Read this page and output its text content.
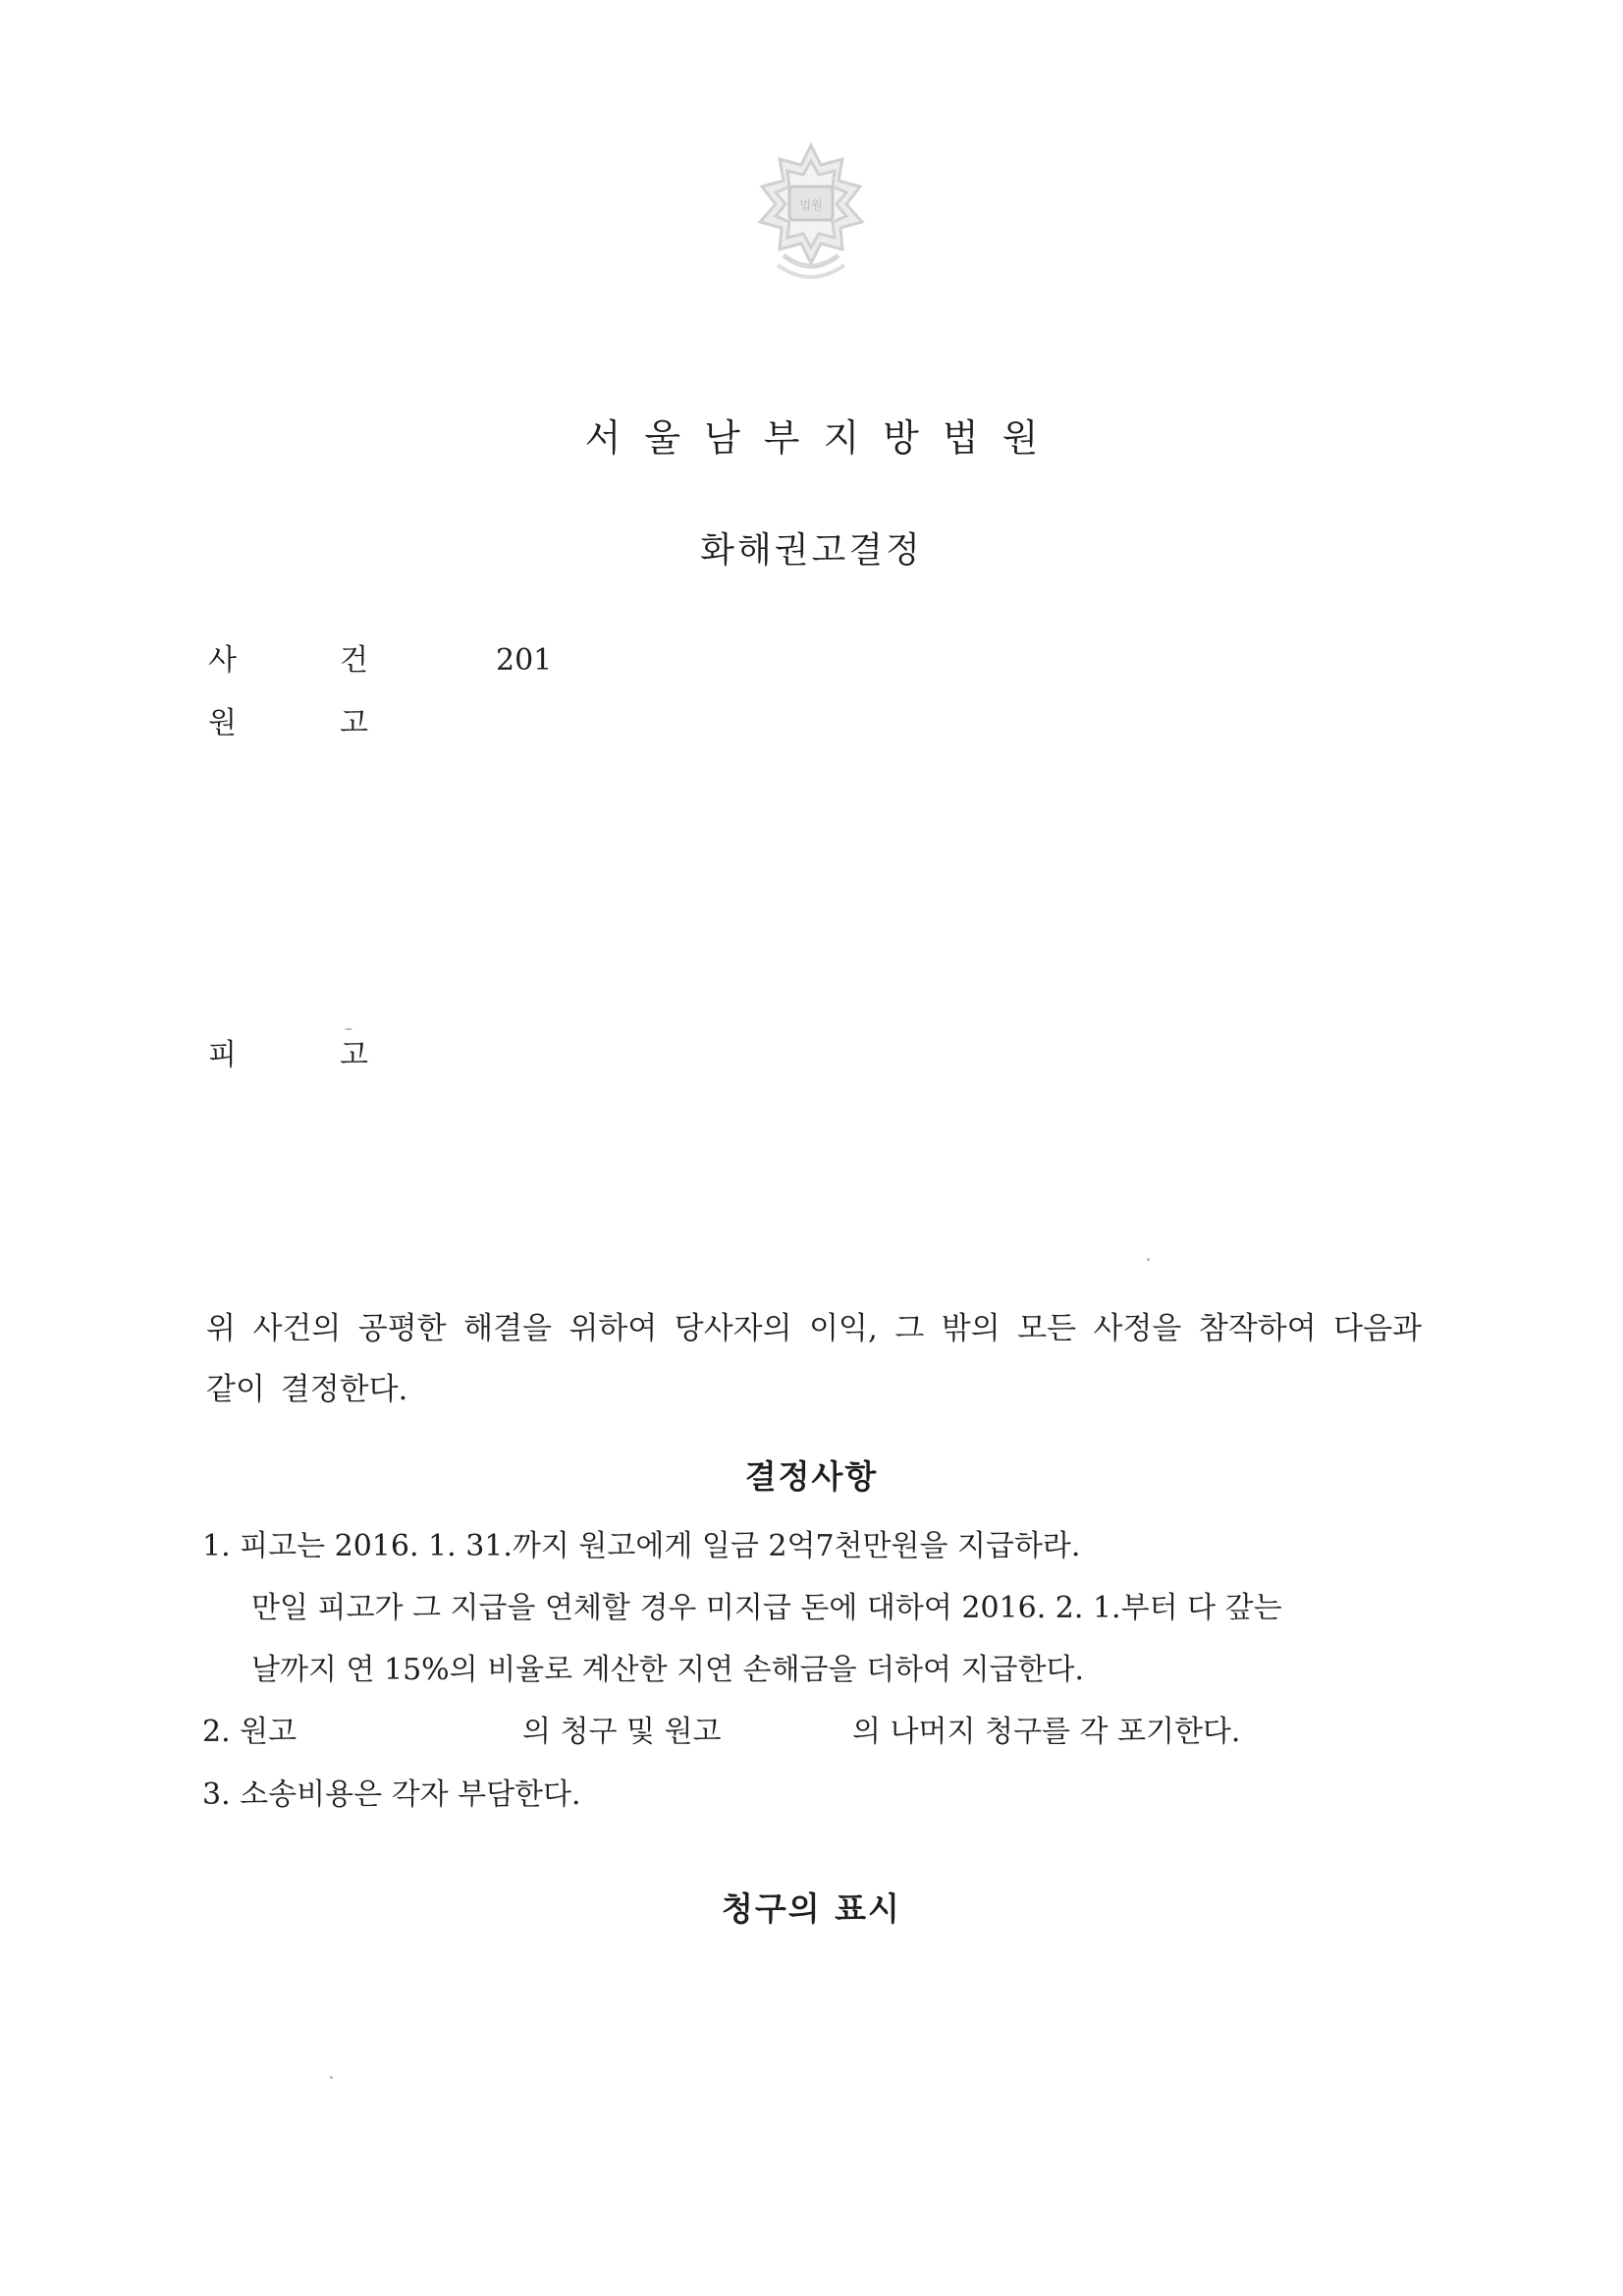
법원
서울남부지방법원
화해권고결정
사	건	201
원	고
피	고
위 사건의 공평한 해결을 위하여 당사자의 이익, 그 밖의 모든 사정을 참작하여 다음과 같이 결정한다.
결정사항
1. 피고는 2016. 1. 31.까지 원고에게 일금 2억7천만원을 지급하라.
만일 피고가 그 지급을 연체할 경우 미지급 돈에 대하여 2016. 2. 1.부터 다 갚는
날까지 연 15%의 비율로 계산한 지연 손해금을 더하여 지급한다.
2. 원고	의 청구 및 원고	의 나머지 청구를 각 포기한다.
3. 소송비용은 각자 부담한다.
청구의 표시
